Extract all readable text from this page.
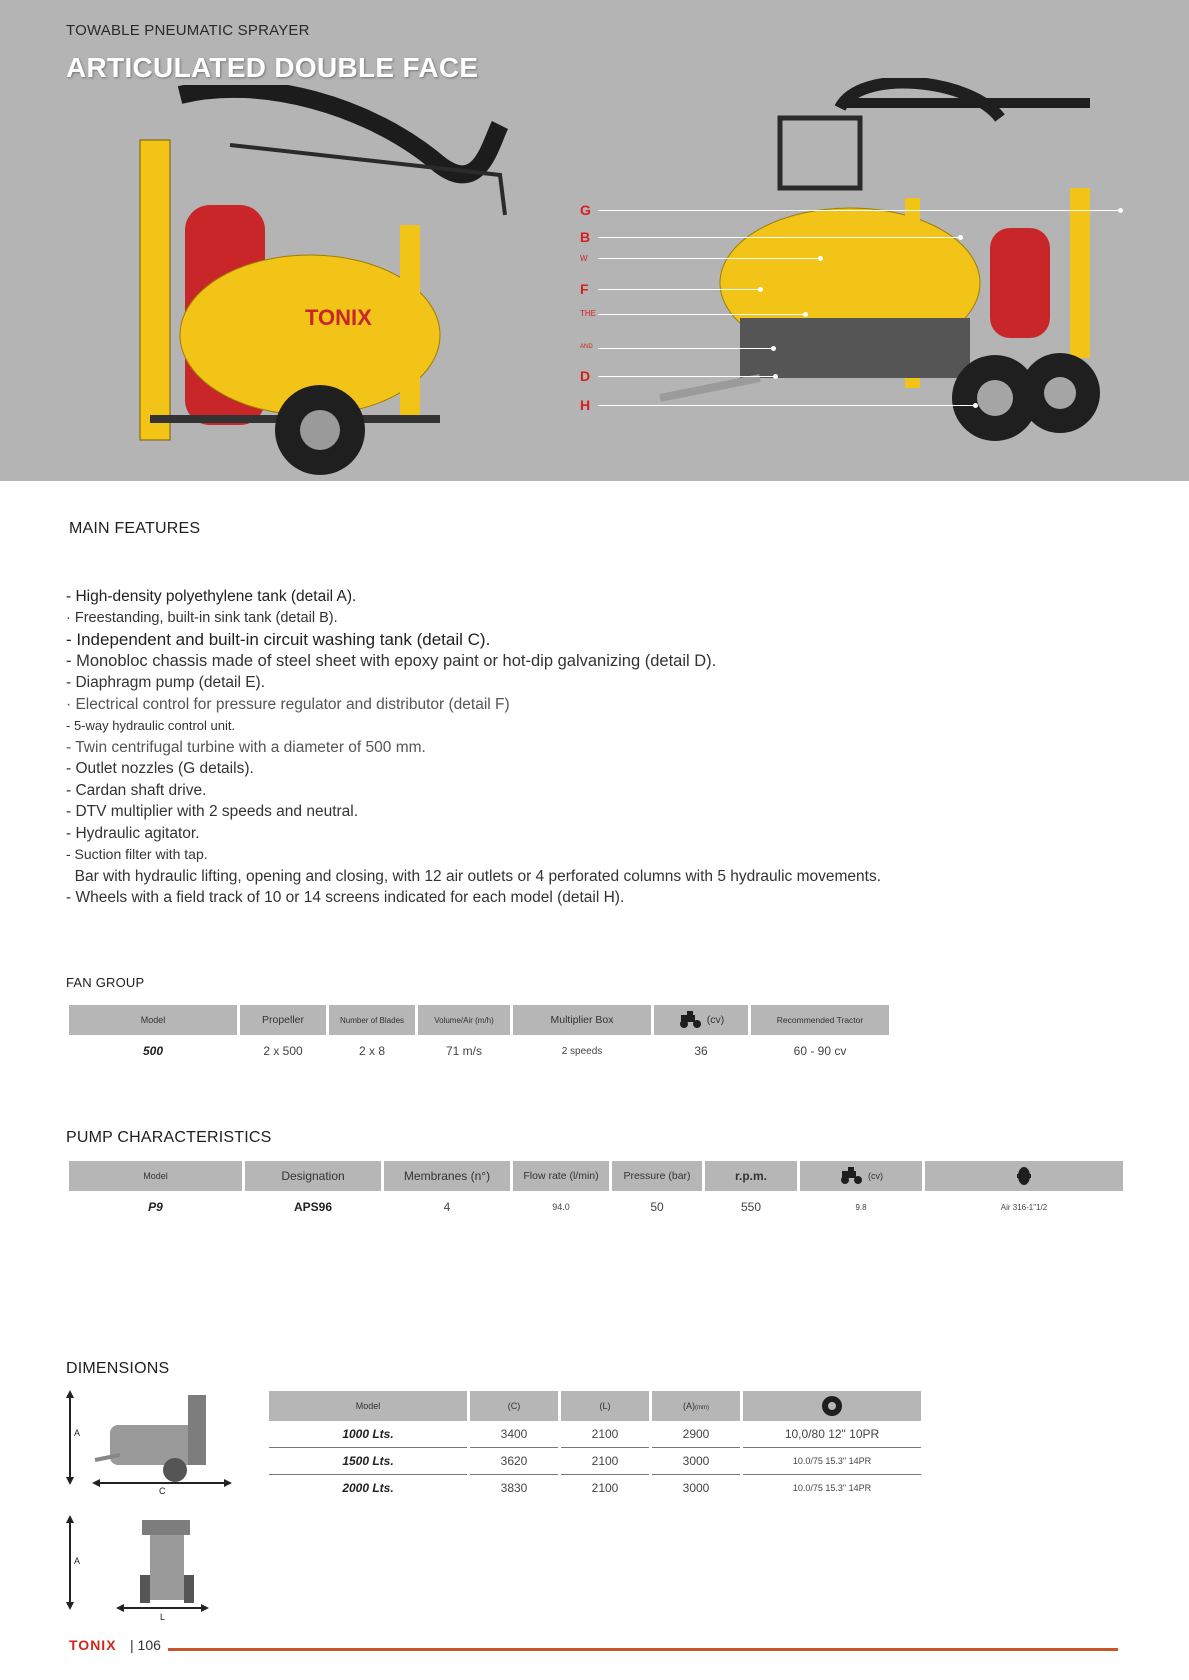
TOWABLE PNEUMATIC SPRAYER
ARTICULATED DOUBLE FACE
TONIX
G
B
W
F
THE
AND
D
H
MAIN FEATURES
- High-density polyethylene tank (detail A).
· Freestanding, built-in sink tank (detail B).
- Independent and built-in circuit washing tank (detail C).
- Monobloc chassis made of steel sheet with epoxy paint or hot-dip galvanizing (detail D).
- Diaphragm pump (detail E).
· Electrical control for pressure regulator and distributor (detail F)
- 5-way hydraulic control unit.
- Twin centrifugal turbine with a diameter of 500 mm.
- Outlet nozzles (G details).
- Cardan shaft drive.
- DTV multiplier with 2 speeds and neutral.
- Hydraulic agitator.
- Suction filter with tap.
Bar with hydraulic lifting, opening and closing, with 12 air outlets or 4 perforated columns with 5 hydraulic movements.
- Wheels with a field track of 10 or 14 screens indicated for each model (detail H).
FAN GROUP
Model	Propeller	Number of Blades	Volume/Air (m/h)	Multiplier Box	(cv)	Recommended Tractor
500	2 x 500	2 x 8	71 m/s	2 speeds	36	60 - 90 cv
PUMP CHARACTERISTICS
Model	Designation	Membranes (n°)	Flow rate (l/min)	Pressure (bar)	r.p.m.	(cv)	
P9	APS96	4	94.0	50	550	9.8	Air 316-1"1/2
DIMENSIONS
A
C
A
L
Model	(C)	(L)	(A)(mm)	
1000 Lts.	3400	2100	2900	10,0/80 12" 10PR
1500 Lts.	3620	2100	3000	10.0/75 15.3" 14PR
2000 Lts.	3830	2100	3000	10.0/75 15.3" 14PR
TONIX | 106
